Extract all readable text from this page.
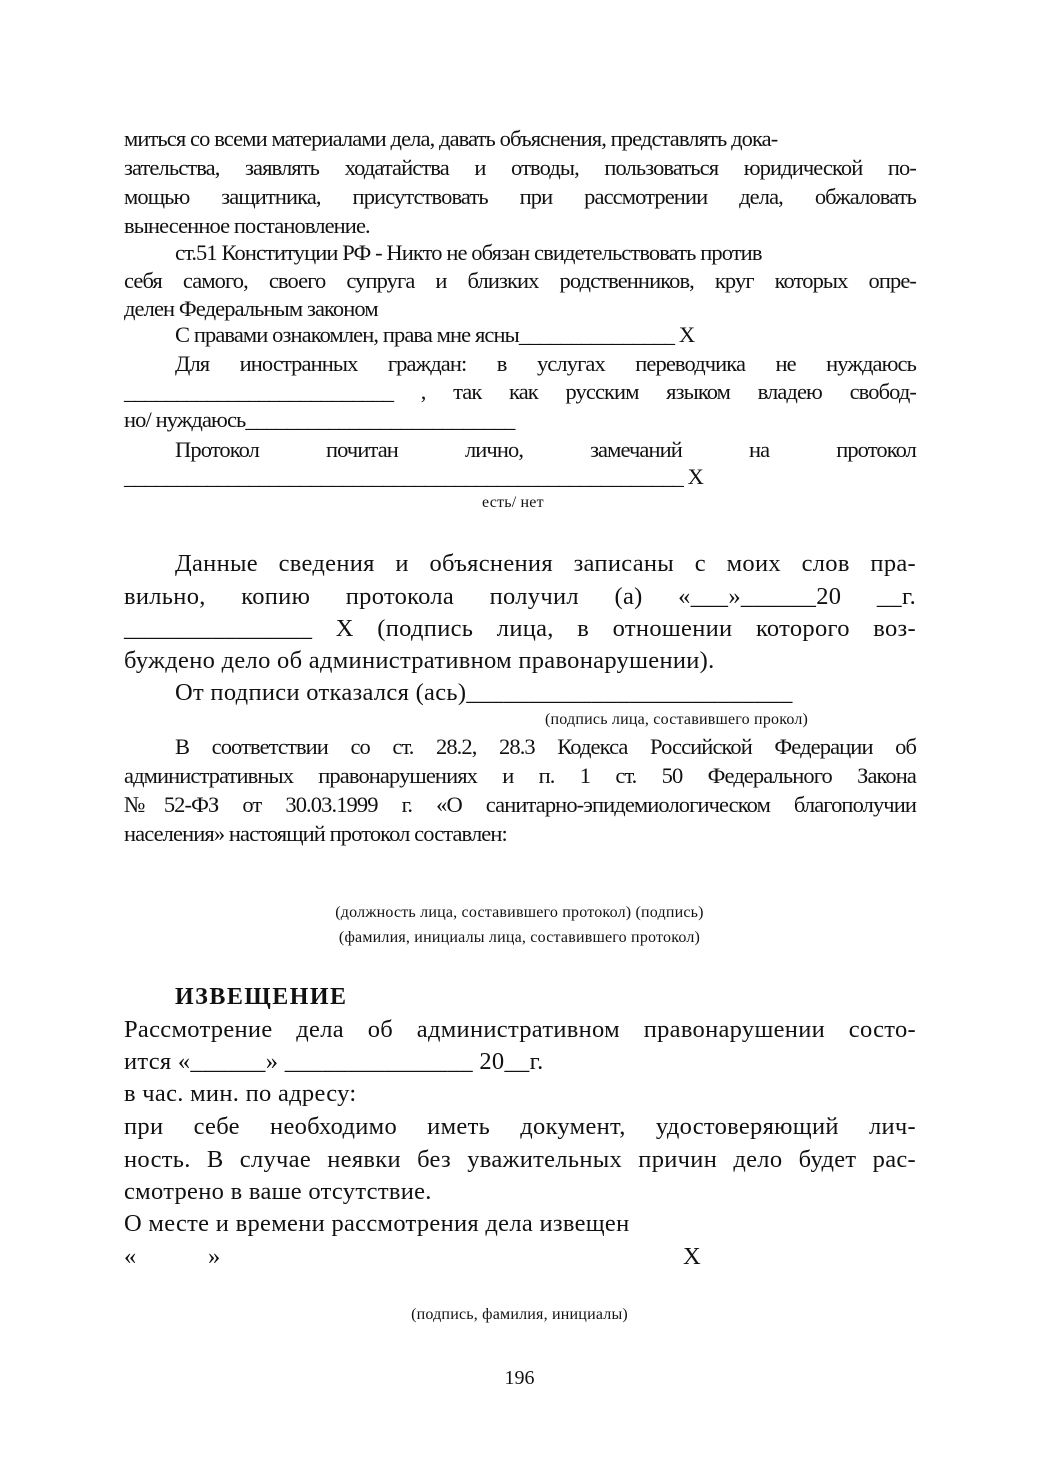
миться со всеми материалами дела, давать объяснения, представлять дока-
зательства, заявлять ходатайства и отводы, пользоваться юридической по-
мощью защитника, присутствовать при рассмотрении дела, обжаловать
вынесенное постановление.
ст.51 Конституции РФ - Никто не обязан свидетельствовать против
себя самого, своего супруга и близких родственников, круг которых опре-
делен Федеральным законом
С правами ознакомлен, права мне ясны_______________ X
Для иностранных граждан: в услугах переводчика не нуждаюсь
__________________________ , так как русским языком владею свобод-
но/ нуждаюсь__________________________
Протокол почитан лично, замечаний на протокол
______________________________________________________ X
есть/ нет
Данные сведения и объяснения записаны с моих слов пра-
вильно, копию протокола получил (а) «___»______20 __г.
_______________ X (подпись лица, в отношении которого воз-
буждено дело об административном правонарушении).
От подписи отказался (ась)__________________________
(подпись лица, составившего прокол)
В соответствии со ст. 28.2, 28.3 Кодекса Российской Федерации об
административных правонарушениях и п. 1 ст. 50 Федерального Закона
№52-ФЗ от 30.03.1999 г. «О санитарно-эпидемиологическом благополучии
населения» настоящий протокол составлен:
(должность лица, составившего протокол) (подпись)
(фамилия, инициалы лица, составившего протокол)
ИЗВЕЩЕНИЕ
Рассмотрение дела об административном правонарушении состо-
ится «______» _______________ 20__г.
в час. мин. по адресу:
при себе необходимо иметь документ, удостоверяющий лич-
ность. В случае неявки без уважительных причин дело будет рас-
смотрено в ваше отсутствие.
О месте и времени рассмотрения дела извещен
«	»	X
(подпись, фамилия, инициалы)
196
